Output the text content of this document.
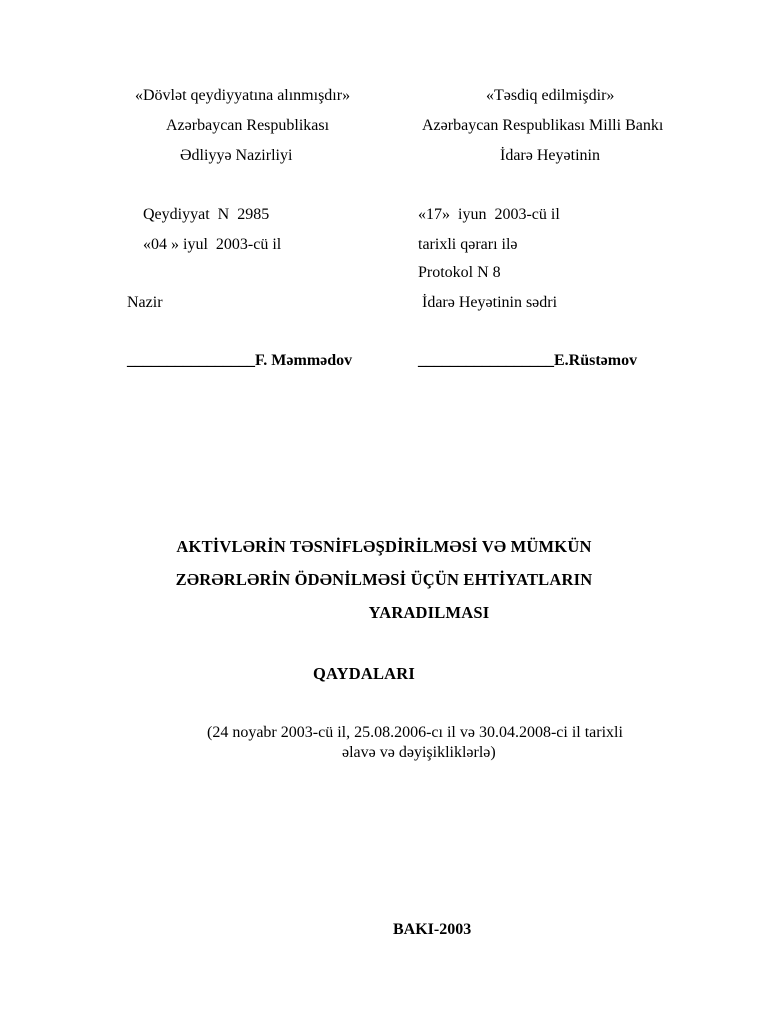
«Dövlət qeydiyyatına alınmışdır»
Azərbaycan Respublikası
Ədliyyə Nazirliyi
Qeydiyyat  N  2985
«04 » iyul  2003-cü il
Nazir
________________F. Məmmədov
«Təsdiq edilmişdir»
Azərbaycan Respublikası Milli Bankı
İdarə Heyətinin
«17»  iyun  2003-cü il
tarixli qərarı ilə
Protokol N 8
İdarə Heyətinin sədri
_________________E.Rüstəmov
AKTİVLƏRİN TƏSNİFLƏŞDİRİLMƏSİ VƏ MÜMKÜN
ZƏRƏRLƏRİN ÖDƏNİLMƏSİ ÜÇÜN EHTİYATLARIN
YARADILMASI
QAYDALARI
(24 noyabr 2003-cü il, 25.08.2006-cı il və 30.04.2008-ci il tarixli
əlavə və dəyişikliklərlə)
BAKI-2003
